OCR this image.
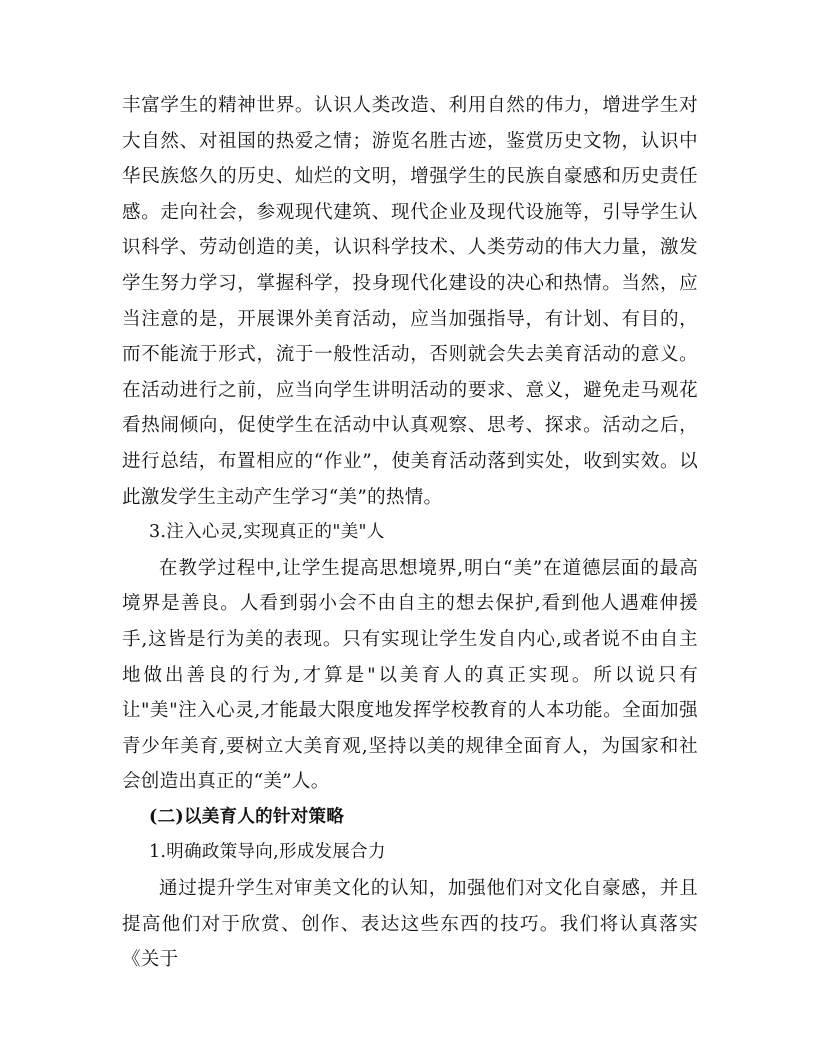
丰富学生的精神世界。认识人类改造、利用自然的伟力，增进学生对大自然、对祖国的热爱之情；游览名胜古迹，鉴赏历史文物，认识中华民族悠久的历史、灿烂的文明，增强学生的民族自豪感和历史责任感。走向社会，参观现代建筑、现代企业及现代设施等，引导学生认识科学、劳动创造的美，认识科学技术、人类劳动的伟大力量，激发学生努力学习，掌握科学，投身现代化建设的决心和热情。当然，应当注意的是，开展课外美育活动，应当加强指导，有计划、有目的，而不能流于形式，流于一般性活动，否则就会失去美育活动的意义。在活动进行之前，应当向学生讲明活动的要求、意义，避免走马观花看热闹倾向，促使学生在活动中认真观察、思考、探求。活动之后，进行总结，布置相应的“作业”，使美育活动落到实处，收到实效。以此激发学生主动产生学习“美”的热情。

3.注入心灵,实现真正的"美"人

在教学过程中,让学生提高思想境界,明白“美”在道德层面的最高境界是善良。人看到弱小会不由自主的想去保护,看到他人遇难伸援手,这皆是行为美的表现。只有实现让学生发自内心,或者说不由自主地做出善良的行为,才算是"以美育人的真正实现。所以说只有让"美"注入心灵,才能最大限度地发挥学校教育的人本功能。全面加强青少年美育,要树立大美育观,坚持以美的规律全面育人，为国家和社会创造出真正的“美”人。

(二)以美育人的针对策略

1.明确政策导向,形成发展合力

通过提升学生对审美文化的认知，加强他们对文化自豪感，并且提高他们对于欣赏、创作、表达这些东西的技巧。我们将认真落实《关于
